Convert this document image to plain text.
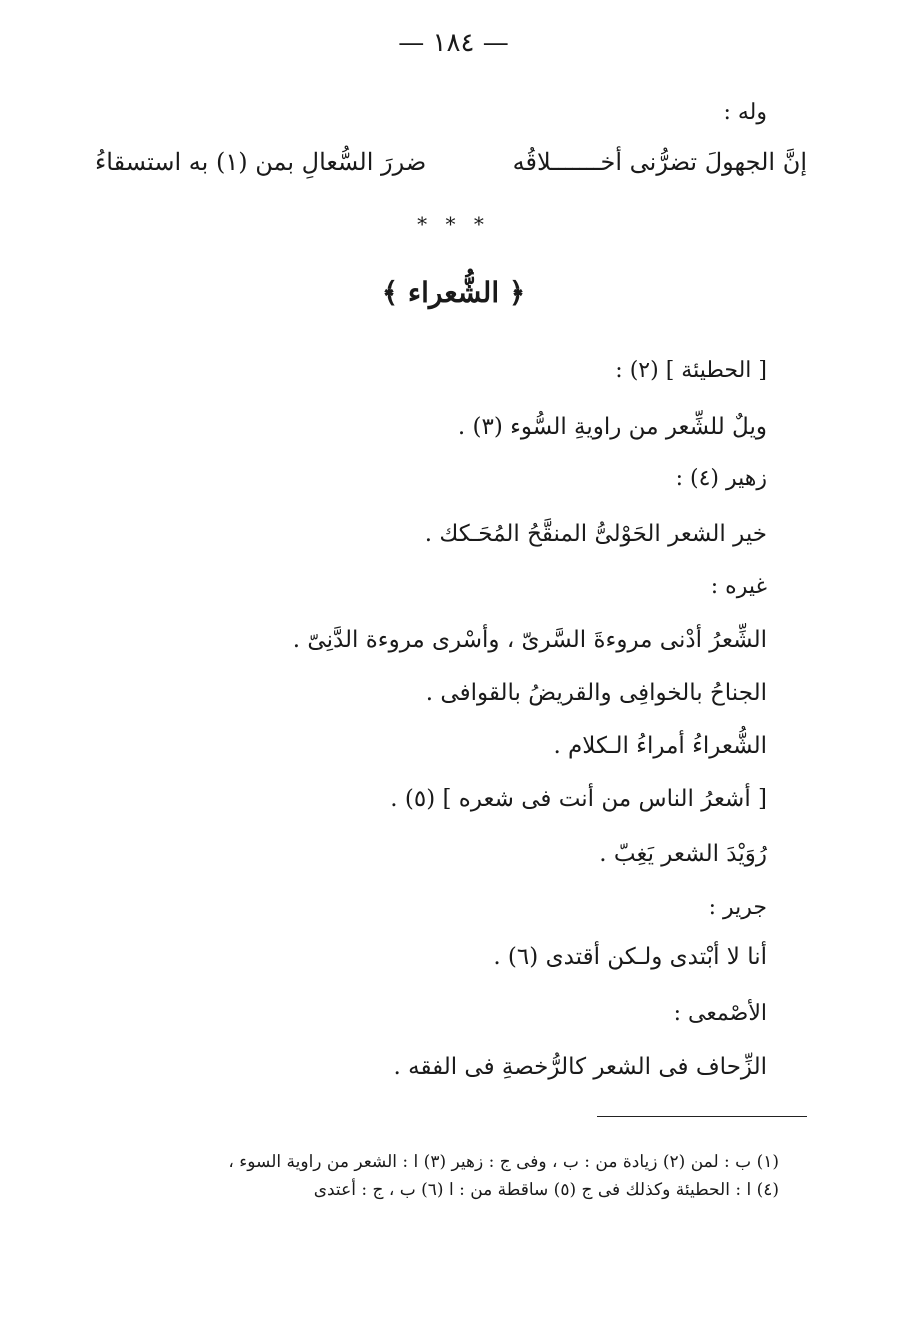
— ١٨٤ —
وله :
إنَّ الجهولَ تضرُّنى أخـــــــلاقُه
ضررَ السُّعالِ بمن (١) به استسقاءُ
* * *
﴿ الشُّعراء ﴾
[ الحطيئة ] (٢) :
ويلٌ للشِّعر من راويةِ السُّوء (٣) .
زهير (٤) :
خير الشعر الحَوْلىُّ المنقَّحُ المُحَـكك .
غيره :
الشِّعرُ أدْنى مروءةَ السَّرىّ ، وأسْرى مروءة الدَّنِىّ .
الجناحُ بالخوافِى والقريضُ بالقوافى .
الشُّعراءُ أمراءُ الـكلام .
[ أشعرُ الناس من أنت فى شعره ] (٥) .
رُوَيْدَ الشعر يَغِبّ .
جرير :
أنا لا أبْتدى ولـكن أقتدى (٦) .
الأصْمعى :
الزِّحاف فى الشعر كالرُّخصةِ فى الفقه .
(١) ب : لمن (٢) زيادة من : ب ، وفى ج : زهير (٣) ا : الشعر من راوية السوء ،
(٤) ا : الحطيئة وكذلك فى ج (٥) ساقطة من : ا (٦) ب ، ج : أعتدى
